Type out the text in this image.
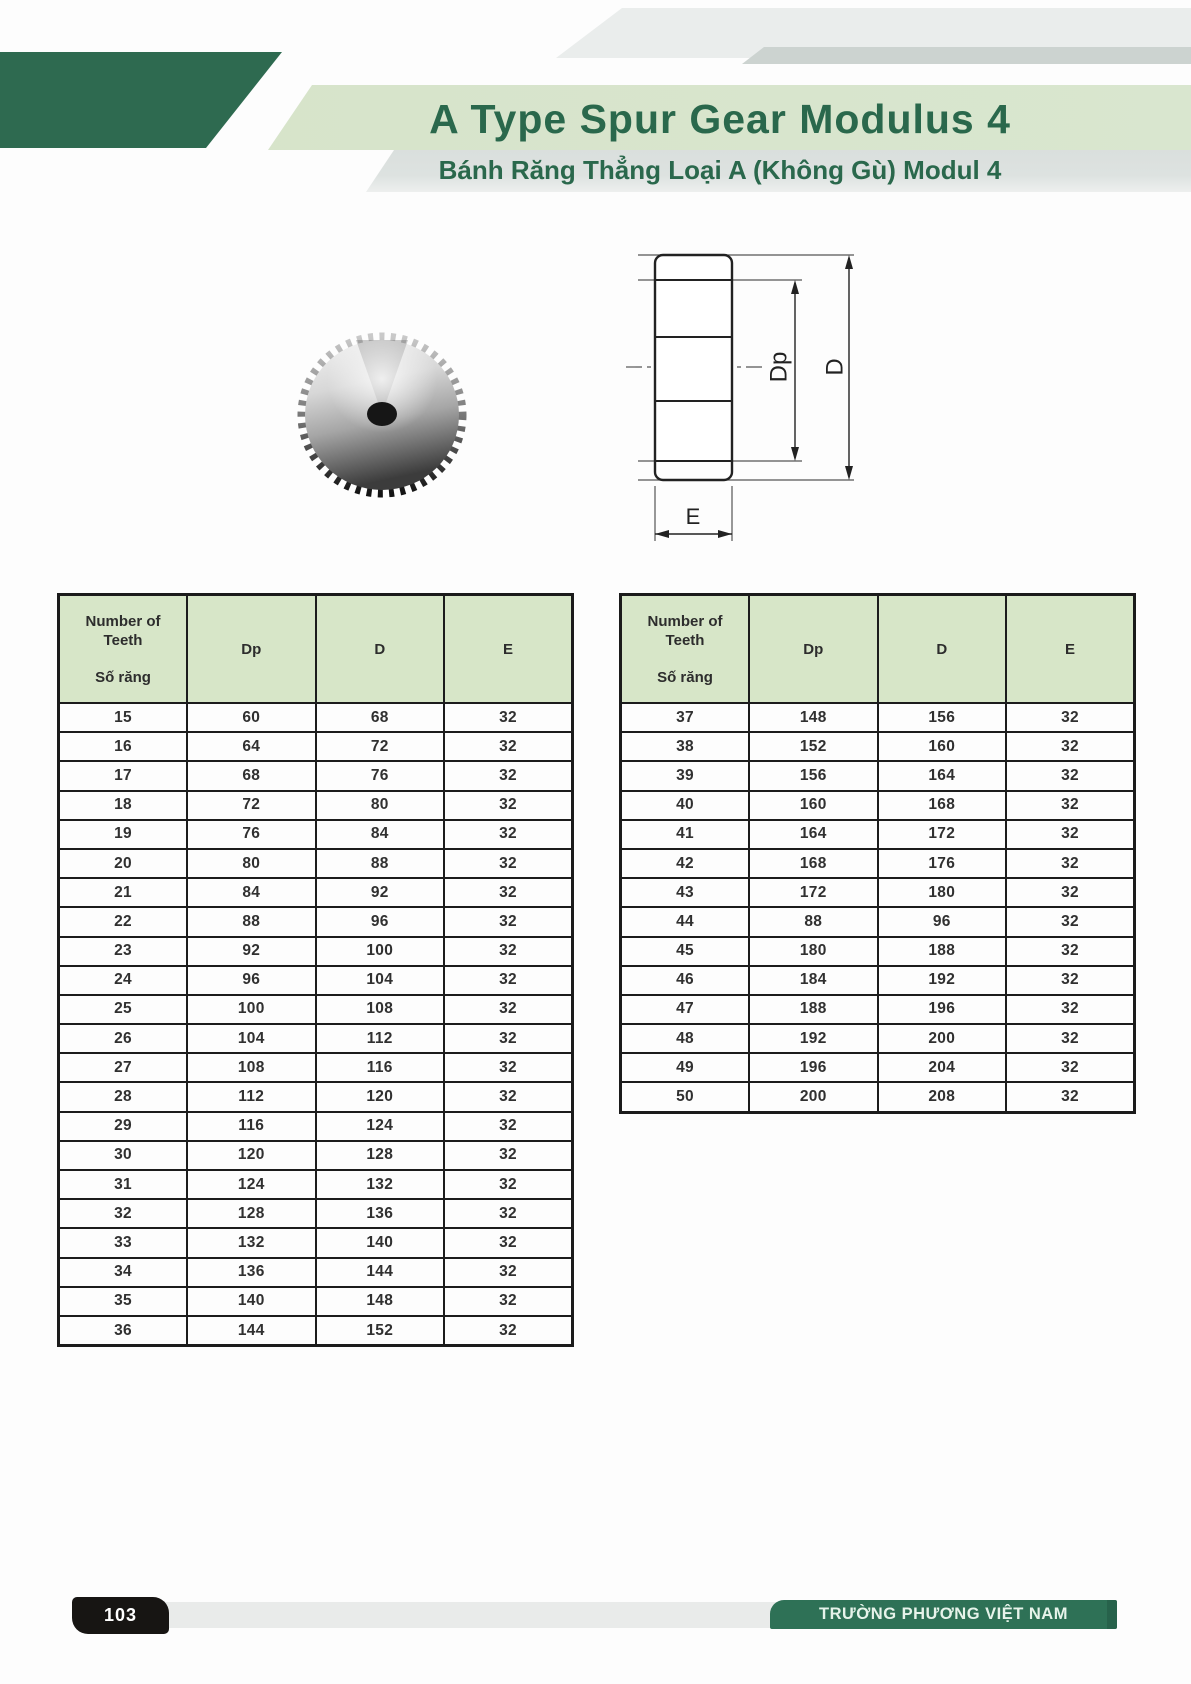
A Type Spur Gear Modulus 4
Bánh Răng Thẳng Loại A (Không Gù) Modul 4
Dp D
E
Number of Teeth
Số răng	Dp	D	E
15	60	68	32
16	64	72	32
17	68	76	32
18	72	80	32
19	76	84	32
20	80	88	32
21	84	92	32
22	88	96	32
23	92	100	32
24	96	104	32
25	100	108	32
26	104	112	32
27	108	116	32
28	112	120	32
29	116	124	32
30	120	128	32
31	124	132	32
32	128	136	32
33	132	140	32
34	136	144	32
35	140	148	32
36	144	152	32
Number of Teeth
Số răng	Dp	D	E
37	148	156	32
38	152	160	32
39	156	164	32
40	160	168	32
41	164	172	32
42	168	176	32
43	172	180	32
44	88	96	32
45	180	188	32
46	184	192	32
47	188	196	32
48	192	200	32
49	196	204	32
50	200	208	32
103	TRƯỜNG PHƯƠNG VIỆT NAM
